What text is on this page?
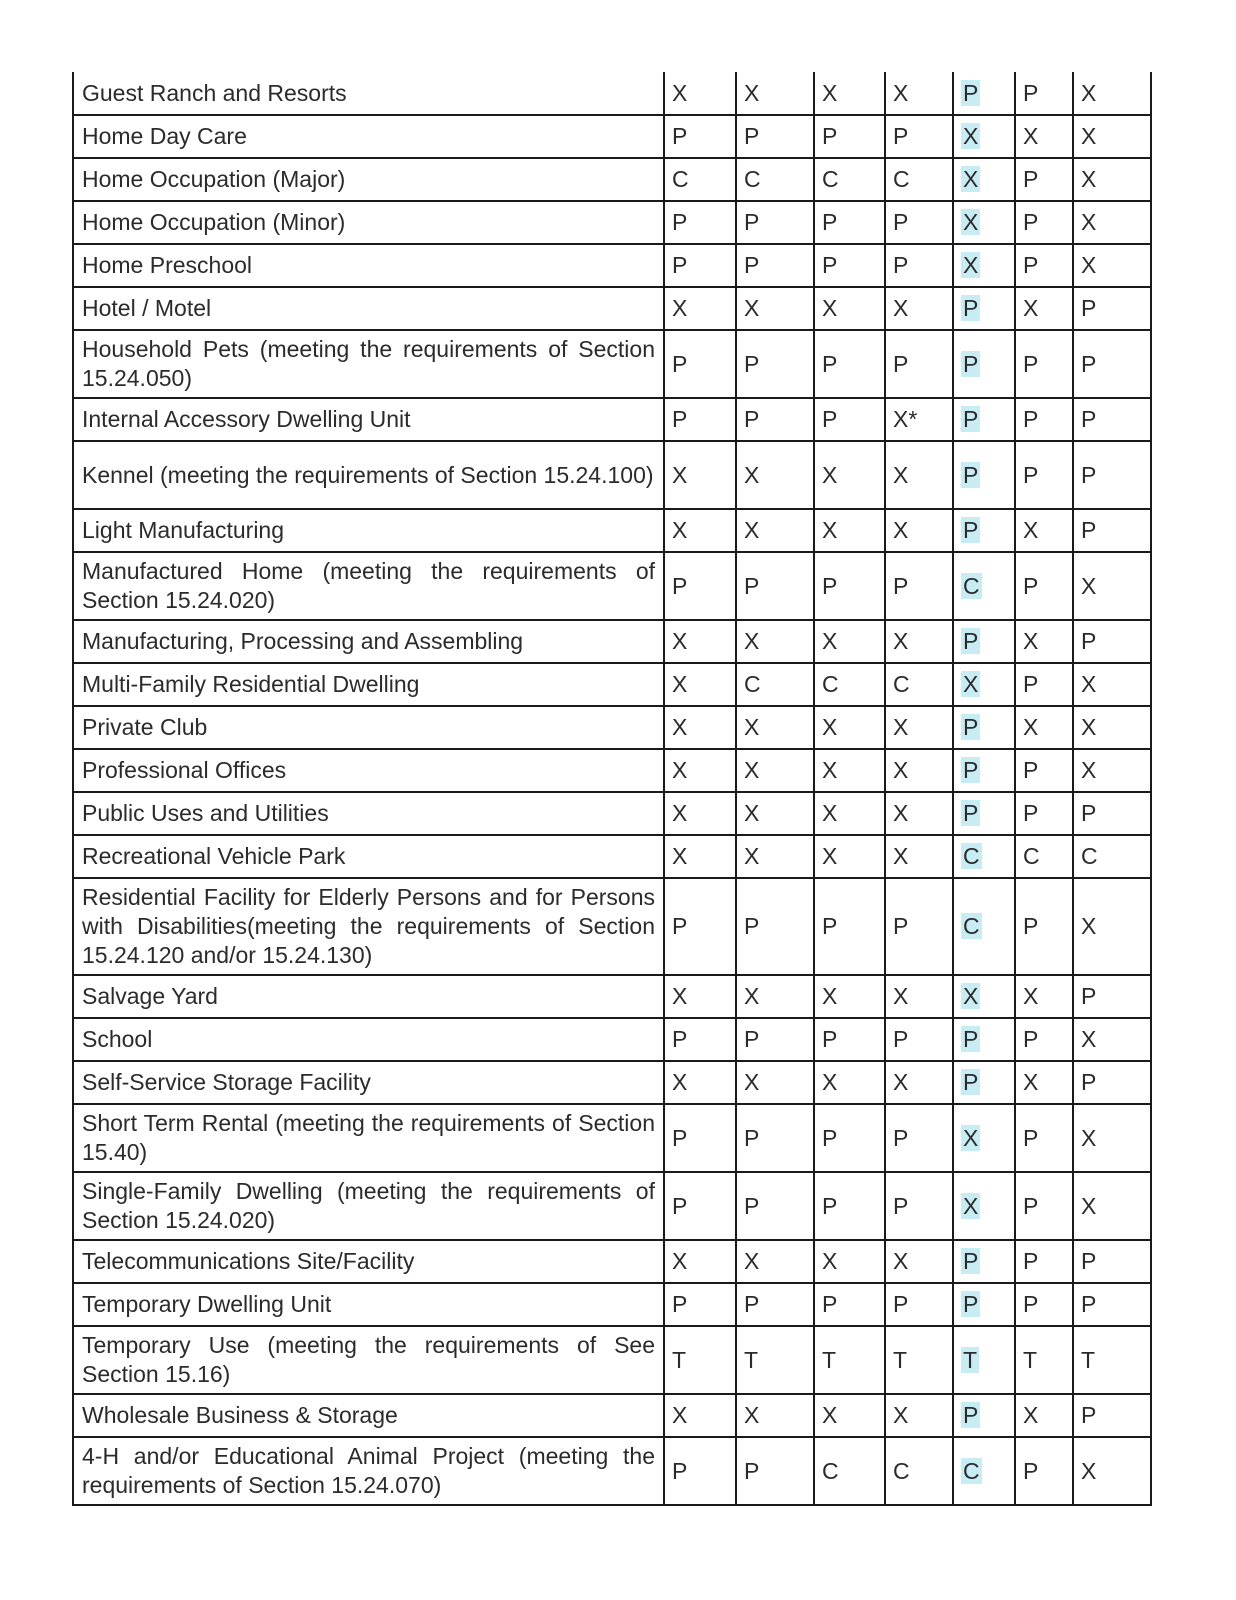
Guest Ranch and Resorts	X	X	X	X	P	P	X
Home Day Care	P	P	P	P	X	X	X
Home Occupation (Major)	C	C	C	C	X	P	X
Home Occupation (Minor)	P	P	P	P	X	P	X
Home Preschool	P	P	P	P	X	P	X
Hotel / Motel	X	X	X	X	P	X	P
Household Pets (meeting the requirements of Section 15.24.050)	P	P	P	P	P	P	P
Internal Accessory Dwelling Unit	P	P	P	X*	P	P	P
Kennel (meeting the requirements of Section 15.24.100)	X	X	X	X	P	P	P
Light Manufacturing	X	X	X	X	P	X	P
Manufactured Home (meeting the requirements of Section 15.24.020)	P	P	P	P	C	P	X
Manufacturing, Processing and Assembling	X	X	X	X	P	X	P
Multi-Family Residential Dwelling	X	C	C	C	X	P	X
Private Club	X	X	X	X	P	X	X
Professional Offices	X	X	X	X	P	P	X
Public Uses and Utilities	X	X	X	X	P	P	P
Recreational Vehicle Park	X	X	X	X	C	C	C
Residential Facility for Elderly Persons and for Persons with Disabilities(meeting the requirements of Section 15.24.120 and/or 15.24.130)	P	P	P	P	C	P	X
Salvage Yard	X	X	X	X	X	X	P
School	P	P	P	P	P	P	X
Self-Service Storage Facility	X	X	X	X	P	X	P
Short Term Rental (meeting the requirements of Section 15.40)	P	P	P	P	X	P	X
Single-Family Dwelling (meeting the requirements of Section 15.24.020)	P	P	P	P	X	P	X
Telecommunications Site/Facility	X	X	X	X	P	P	P
Temporary Dwelling Unit	P	P	P	P	P	P	P
Temporary Use (meeting the requirements of See Section 15.16)	T	T	T	T	T	T	T
Wholesale Business & Storage	X	X	X	X	P	X	P
4-H and/or Educational Animal Project (meeting the requirements of Section 15.24.070)	P	P	C	C	C	P	X
